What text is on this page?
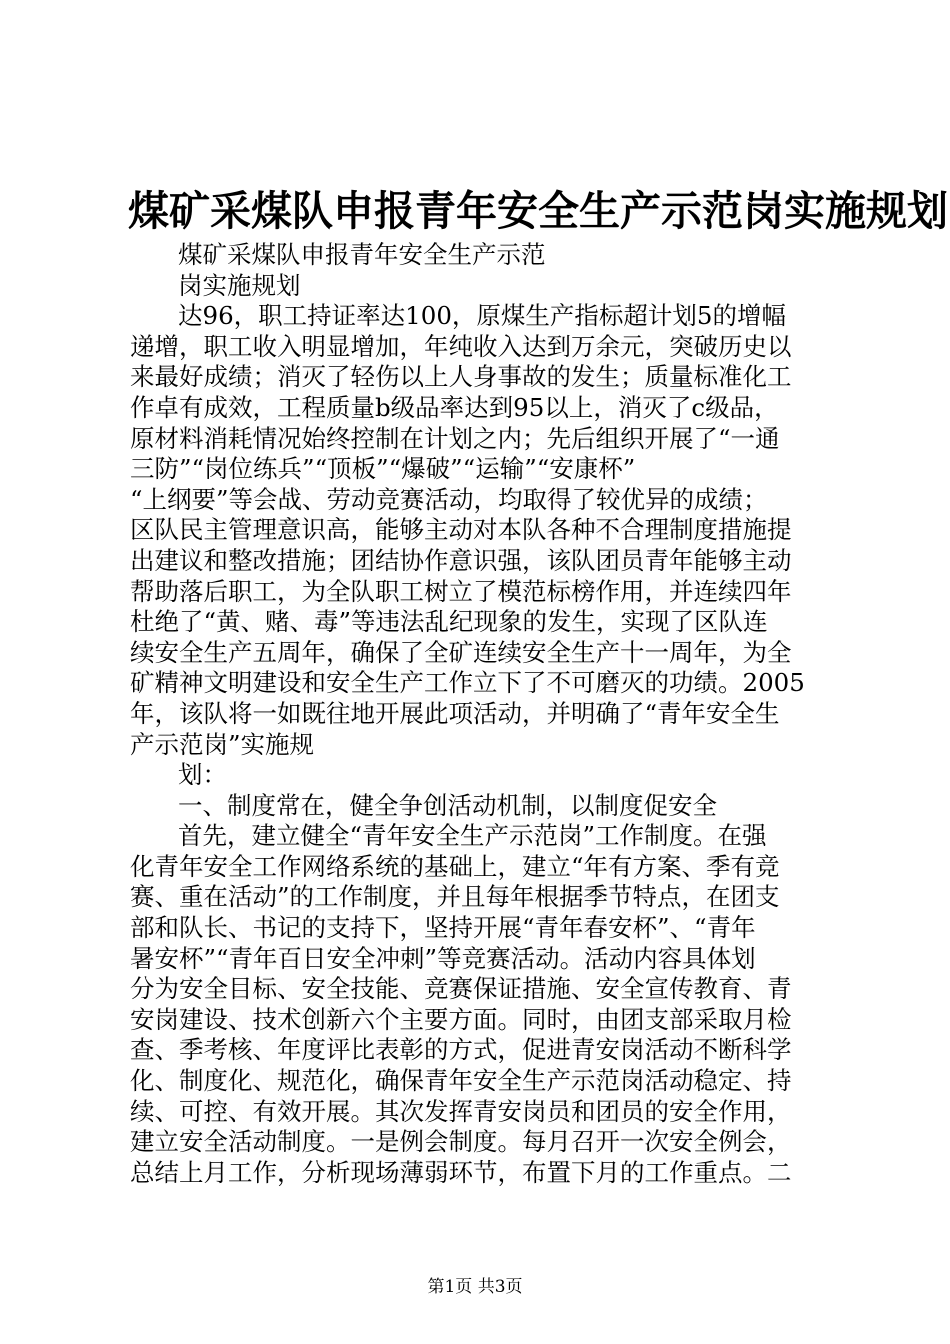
煤矿采煤队申报青年安全生产示范岗实施规划
煤矿采煤队申报青年安全生产示范
岗实施规划
达96，职工持证率达100，原煤生产指标超计划5的增幅
递增，职工收入明显增加，年纯收入达到万余元，突破历史以
来最好成绩；消灭了轻伤以上人身事故的发生；质量标准化工
作卓有成效，工程质量b级品率达到95以上，消灭了c级品，
原材料消耗情况始终控制在计划之内；先后组织开展了“一通
三防”“岗位练兵”“顶板”“爆破”“运输”“安康杯”
“上纲要”等会战、劳动竞赛活动，均取得了较优异的成绩；
区队民主管理意识高，能够主动对本队各种不合理制度措施提
出建议和整改措施；团结协作意识强，该队团员青年能够主动
帮助落后职工，为全队职工树立了模范标榜作用，并连续四年
杜绝了“黄、赌、毒”等违法乱纪现象的发生，实现了区队连
续安全生产五周年，确保了全矿连续安全生产十一周年，为全
矿精神文明建设和安全生产工作立下了不可磨灭的功绩。2005
年，该队将一如既往地开展此项活动，并明确了“青年安全生
产示范岗”实施规
划：
一、制度常在，健全争创活动机制，以制度促安全
首先，建立健全“青年安全生产示范岗”工作制度。在强
化青年安全工作网络系统的基础上，建立“年有方案、季有竞
赛、重在活动”的工作制度，并且每年根据季节特点，在团支
部和队长、书记的支持下，坚持开展“青年春安杯”、“青年
暑安杯”“青年百日安全冲刺”等竞赛活动。活动内容具体划
分为安全目标、安全技能、竞赛保证措施、安全宣传教育、青
安岗建设、技术创新六个主要方面。同时，由团支部采取月检
查、季考核、年度评比表彰的方式，促进青安岗活动不断科学
化、制度化、规范化，确保青年安全生产示范岗活动稳定、持
续、可控、有效开展。其次发挥青安岗员和团员的安全作用，
建立安全活动制度。一是例会制度。每月召开一次安全例会，
总结上月工作，分析现场薄弱环节，布置下月的工作重点。二
第1页 共3页
